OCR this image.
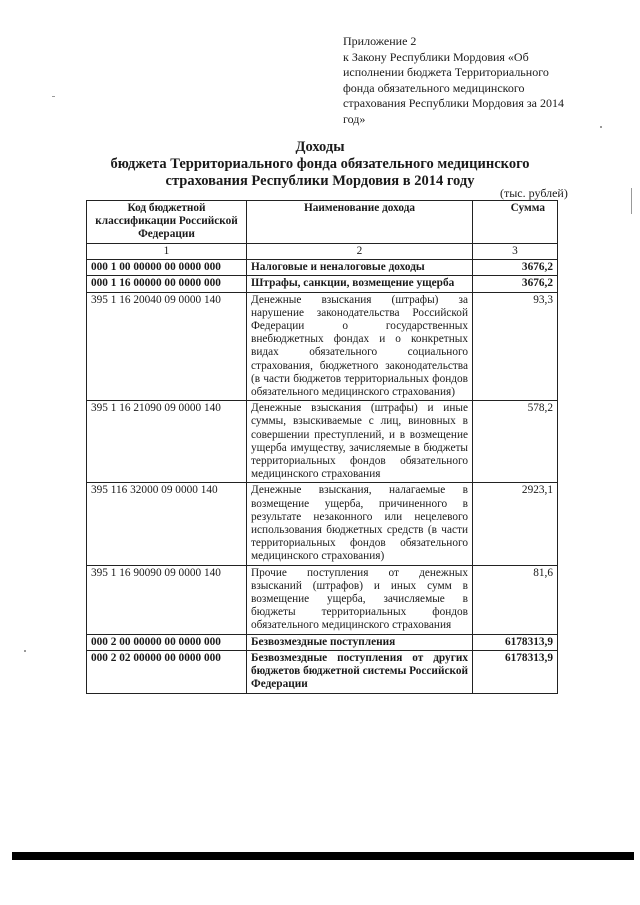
Приложение 2
к Закону Республики Мордовия «Об
исполнении бюджета Территориального
фонда обязательного медицинского
страхования Республики Мордовия за 2014
год»
Доходы
бюджета Территориального фонда обязательного медицинского
страхования Республики Мордовия в 2014 году
(тыс. рублей)
Код бюджетной классификации Российской Федерации	Наименование дохода	Сумма
1	2	3
000 1 00 00000 00 0000 000	Налоговые и неналоговые доходы	3676,2
000 1 16 00000 00 0000 000	Штрафы, санкции, возмещение ущерба	3676,2
395 1 16 20040 09 0000 140	Денежные взыскания (штрафы) за нарушение законодательства Российской Федерации о государственных внебюджетных фондах и о конкретных видах обязательного социального страхования, бюджетного законодательства (в части бюджетов территориальных фондов обязательного медицинского страхования)	93,3
395 1 16 21090 09 0000 140	Денежные взыскания (штрафы) и иные суммы, взыскиваемые с лиц, виновных в совершении преступлений, и в возмещение ущерба имуществу, зачисляемые в бюджеты территориальных фондов обязательного медицинского страхования	578,2
395 116 32000 09 0000 140	Денежные взыскания, налагаемые в возмещение ущерба, причиненного в результате незаконного или нецелевого использования бюджетных средств (в части территориальных фондов обязательного медицинского страхования)	2923,1
395 1 16 90090 09 0000 140	Прочие поступления от денежных взысканий (штрафов) и иных сумм в возмещение ущерба, зачисляемые в бюджеты территориальных фондов обязательного медицинского страхования	81,6
000 2 00 00000 00 0000 000	Безвозмездные поступления	6178313,9
000 2 02 00000 00 0000 000	Безвозмездные поступления от других бюджетов бюджетной системы Российской Федерации	6178313,9
